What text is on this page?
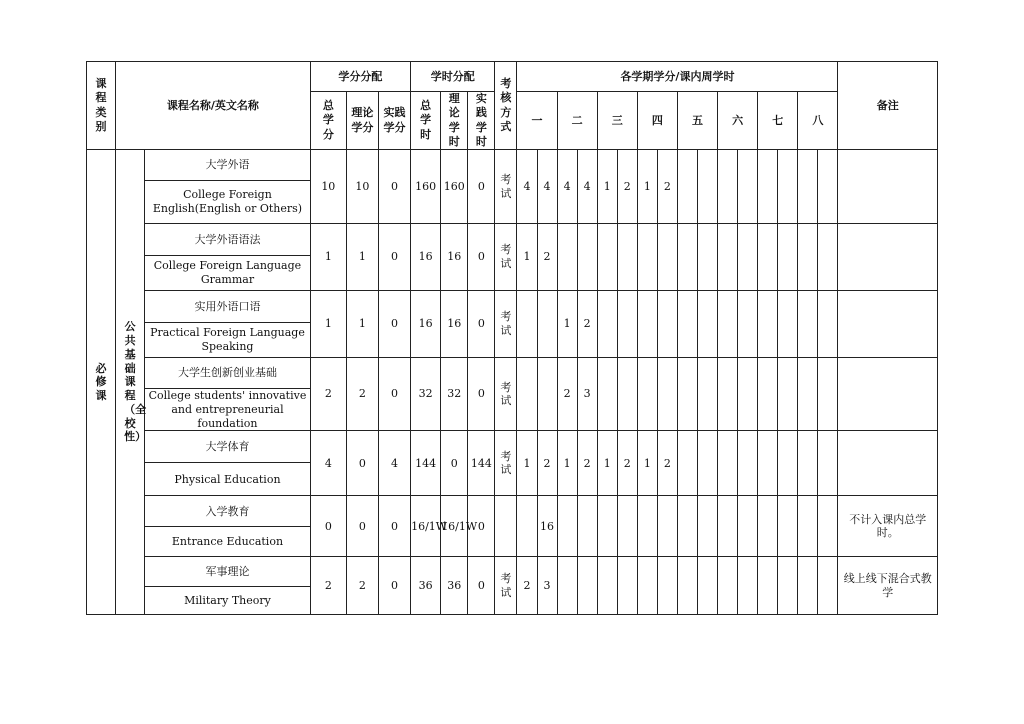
课程类别	课程名称/英文名称		学分分配			学时分配			考核方式	各学期学分/课内周学时																备注
			总学分	理论学分	实践学分	总学时	理论学时	实践学时		一		二		三		四		五		六		七		八		
必修课	公共基础课程（全校性）	大学外语	10	10	0	160	160	0	考试	4	4	4	4	1	2	1	2									
		College Foreign English(English or Others)																								
		大学外语语法	1	1	0	16	16	0	考试	1	2															
		College Foreign Language Grammar																								
		实用外语口语	1	1	0	16	16	0	考试			1	2													
		Practical Foreign Language Speaking																								
		大学生创新创业基础	2	2	0	32	32	0	考试			2	3													
		College students' innovative and entrepreneurial foundation																								
		大学体育	4	0	4	144	0	144	考试	1	2	1	2	1	2	1	2									
		Physical Education																								
		入学教育	0	0	0	16/1W	16/1W	0			16															不计入课内总学时。
		Entrance Education																								
		军事理论	2	2	0	36	36	0	考试	2	3															线上线下混合式教学
		Military Theory																								
